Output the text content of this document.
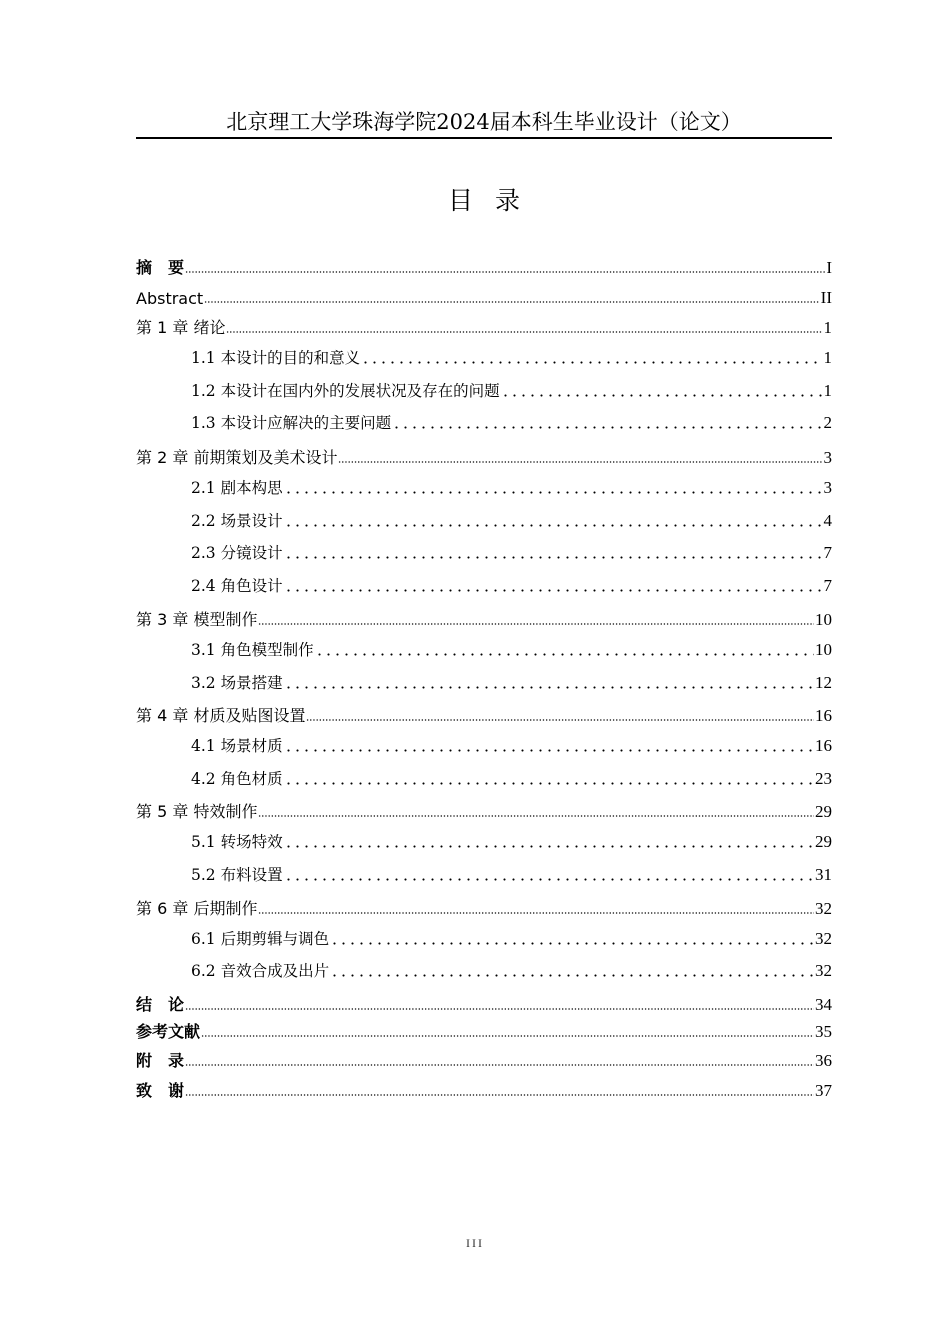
北京理工大学珠海学院2024届本科生毕业设计（论文）
目录
摘　要	I
Abstract	II
第 1 章 绪论	1
1.1 本设计的目的和意义	1
1.2 本设计在国内外的发展状况及存在的问题	1
1.3 本设计应解决的主要问题	2
第 2 章 前期策划及美术设计	3
2.1 剧本构思	3
2.2 场景设计	4
2.3 分镜设计	7
2.4 角色设计	7
第 3 章 模型制作	10
3.1 角色模型制作	10
3.2 场景搭建	12
第 4 章 材质及贴图设置	16
4.1 场景材质	16
4.2 角色材质	23
第 5 章 特效制作	29
5.1 转场特效	29
5.2 布料设置	31
第 6 章 后期制作	32
6.1 后期剪辑与调色	32
6.2 音效合成及出片	32
结　论	34
参考文献	35
附　录	36
致　谢	37
III
